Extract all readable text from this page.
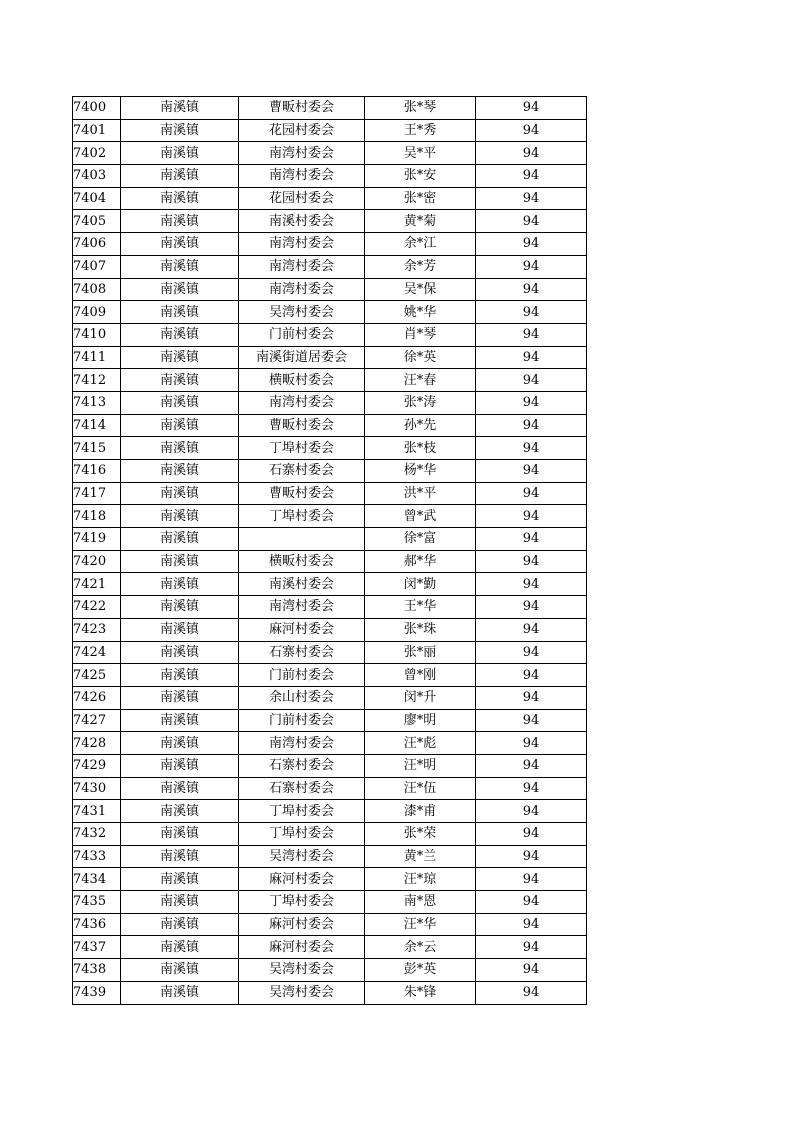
7400	南溪镇	曹畈村委会	张*琴	94
7401	南溪镇	花园村委会	王*秀	94
7402	南溪镇	南湾村委会	吴*平	94
7403	南溪镇	南湾村委会	张*安	94
7404	南溪镇	花园村委会	张*密	94
7405	南溪镇	南溪村委会	黄*菊	94
7406	南溪镇	南湾村委会	余*江	94
7407	南溪镇	南湾村委会	余*芳	94
7408	南溪镇	南湾村委会	吴*保	94
7409	南溪镇	吴湾村委会	姚*华	94
7410	南溪镇	门前村委会	肖*琴	94
7411	南溪镇	南溪街道居委会	徐*英	94
7412	南溪镇	横畈村委会	汪*春	94
7413	南溪镇	南湾村委会	张*涛	94
7414	南溪镇	曹畈村委会	孙*先	94
7415	南溪镇	丁埠村委会	张*枝	94
7416	南溪镇	石寨村委会	杨*华	94
7417	南溪镇	曹畈村委会	洪*平	94
7418	南溪镇	丁埠村委会	曾*武	94
7419	南溪镇		徐*富	94
7420	南溪镇	横畈村委会	郝*华	94
7421	南溪镇	南溪村委会	闵*勤	94
7422	南溪镇	南湾村委会	王*华	94
7423	南溪镇	麻河村委会	张*珠	94
7424	南溪镇	石寨村委会	张*丽	94
7425	南溪镇	门前村委会	曾*刚	94
7426	南溪镇	余山村委会	闵*升	94
7427	南溪镇	门前村委会	廖*明	94
7428	南溪镇	南湾村委会	汪*彪	94
7429	南溪镇	石寨村委会	汪*明	94
7430	南溪镇	石寨村委会	汪*伍	94
7431	南溪镇	丁埠村委会	漆*甫	94
7432	南溪镇	丁埠村委会	张*荣	94
7433	南溪镇	吴湾村委会	黄*兰	94
7434	南溪镇	麻河村委会	汪*琼	94
7435	南溪镇	丁埠村委会	南*恩	94
7436	南溪镇	麻河村委会	汪*华	94
7437	南溪镇	麻河村委会	余*云	94
7438	南溪镇	吴湾村委会	彭*英	94
7439	南溪镇	吴湾村委会	朱*锋	94
